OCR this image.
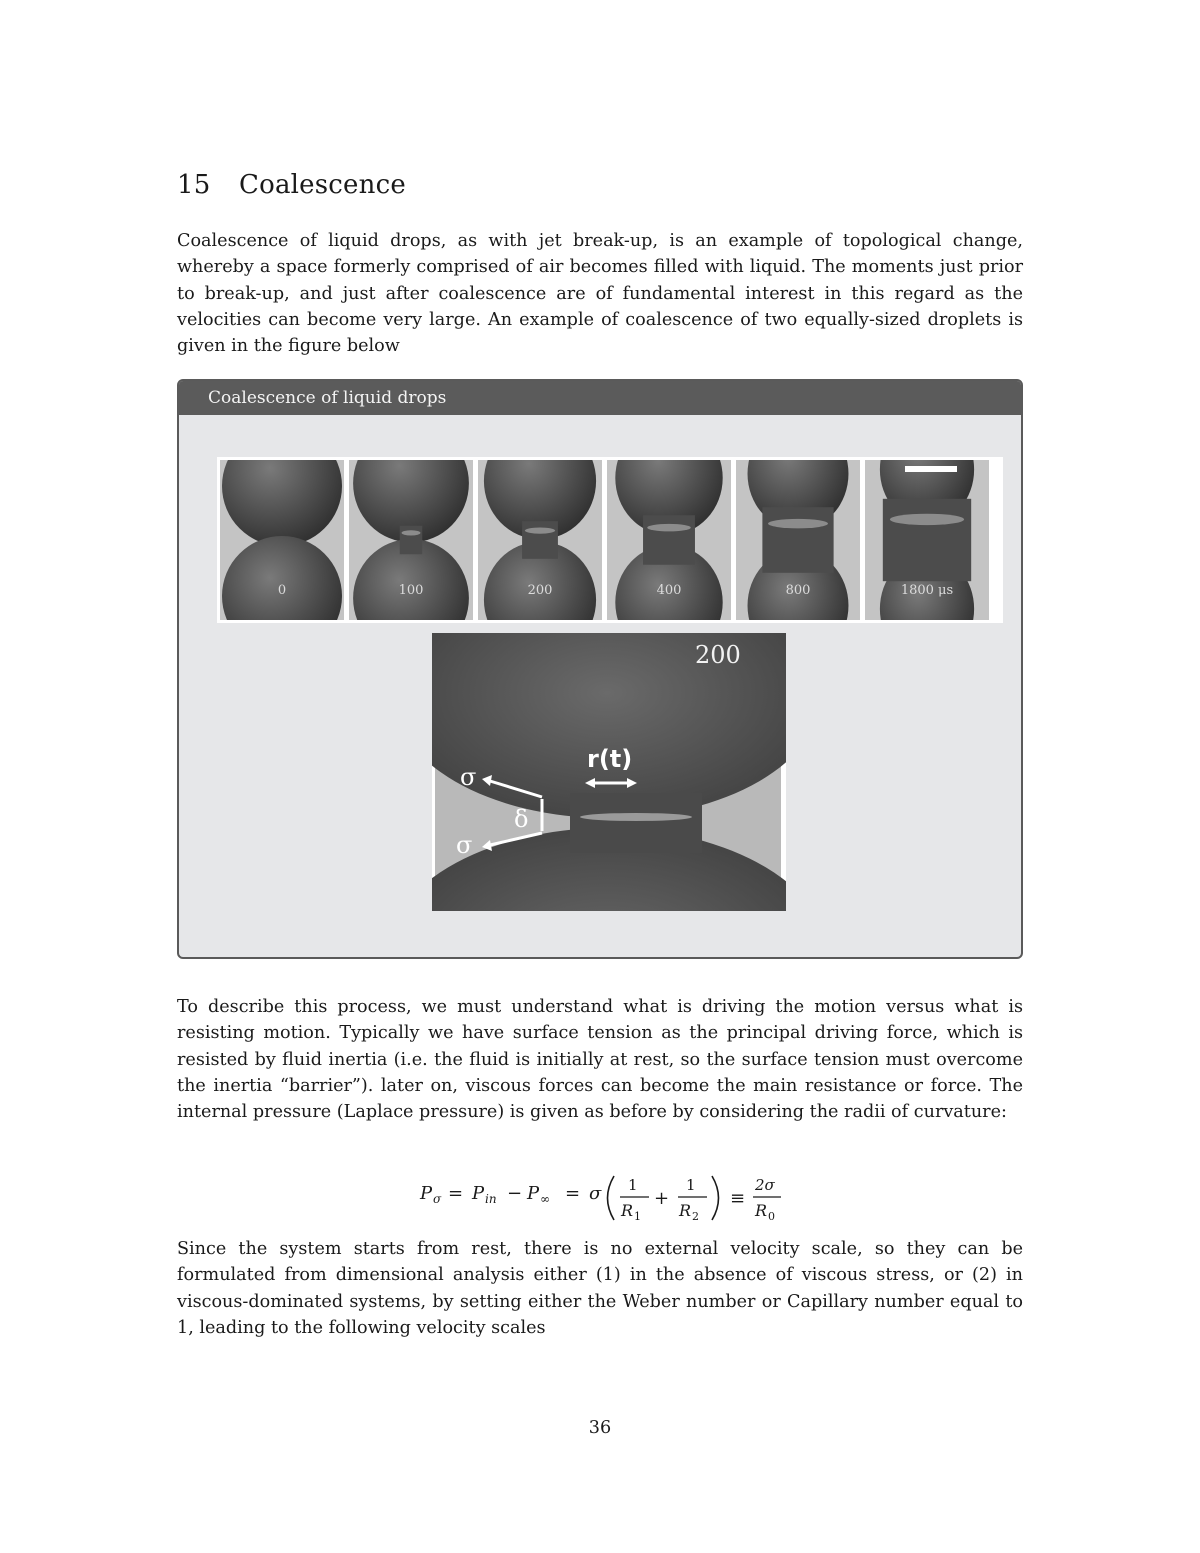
15 Coalescence

Coalescence of liquid drops, as with jet break-up, is an example of topological change, whereby a space formerly comprised of air becomes filled with liquid. The moments just prior to break-up, and just after coalescence are of fundamental interest in this regard as the velocities can become very large. An example of coalescence of two equally-sized droplets is given in the figure below

Coalescence of liquid drops
0	100	200	400	800	1800 μs
200
r(t)
σ
σ
δ

To describe this process, we must understand what is driving the motion versus what is resisting motion. Typically we have surface tension as the principal driving force, which is resisted by fluid inertia (i.e. the fluid is initially at rest, so the surface tension must overcome the inertia “barrier”). later on, viscous forces can become the main resistance or force. The internal pressure (Laplace pressure) is given as before by considering the radii of curvature:

P σ = P in − P ∞ = σ 1
R 1
+
1
R 2
≡
2σ
R 0

Since the system starts from rest, there is no external velocity scale, so they can be formulated from dimensional analysis either (1) in the absence of viscous stress, or (2) in viscous-dominated systems, by setting either the Weber number or Capillary number equal to 1, leading to the following velocity scales

36
